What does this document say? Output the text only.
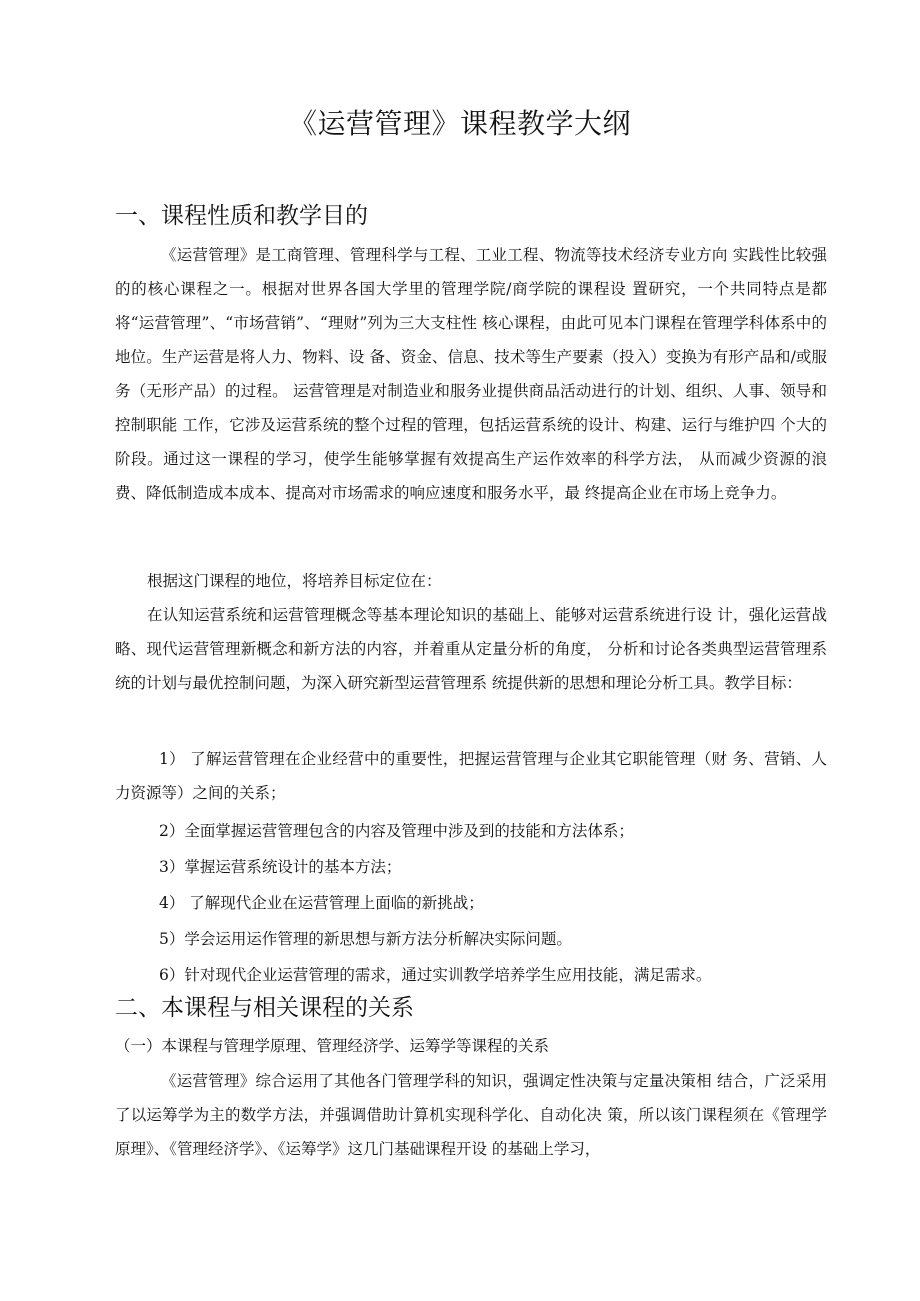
《运营管理》课程教学大纲
一、课程性质和教学目的
《运营管理》是工商管理、管理科学与工程、工业工程、物流等技术经济专业方向 实践性比较强的的核心课程之一。根据对世界各国大学里的管理学院/商学院的课程设 置研究，一个共同特点是都将“运营管理”、“市场营销”、“理财”列为三大支柱性 核心课程，由此可见本门课程在管理学科体系中的地位。生产运营是将人力、物料、设 备、资金、信息、技术等生产要素（投入）变换为有形产品和/或服务（无形产品）的过程。 运营管理是对制造业和服务业提供商品活动进行的计划、组织、人事、领导和控制职能 工作，它涉及运营系统的整个过程的管理，包括运营系统的设计、构建、运行与维护四 个大的阶段。通过这一课程的学习，使学生能够掌握有效提高生产运作效率的科学方法， 从而减少资源的浪费、降低制造成本成本、提高对市场需求的响应速度和服务水平，最 终提高企业在市场上竞争力。
根据这门课程的地位，将培养目标定位在：
在认知运营系统和运营管理概念等基本理论知识的基础上、能够对运营系统进行设 计，强化运营战略、现代运营管理新概念和新方法的内容，并着重从定量分析的角度， 分析和讨论各类典型运营管理系统的计划与最优控制问题，为深入研究新型运营管理系 统提供新的思想和理论分析工具。教学目标：
1） 了解运营管理在企业经营中的重要性，把握运营管理与企业其它职能管理（财 务、营销、人力资源等）之间的关系；
2）全面掌握运营管理包含的内容及管理中涉及到的技能和方法体系；
3）掌握运营系统设计的基本方法；
4） 了解现代企业在运营管理上面临的新挑战；
5）学会运用运作管理的新思想与新方法分析解决实际问题。
6）针对现代企业运营管理的需求，通过实训教学培养学生应用技能，满足需求。
二、本课程与相关课程的关系
（一）本课程与管理学原理、管理经济学、运筹学等课程的关系
《运营管理》综合运用了其他各门管理学科的知识，强调定性决策与定量决策相 结合，广泛采用了以运筹学为主的数学方法，并强调借助计算机实现科学化、自动化决 策，所以该门课程须在《管理学原理》、《管理经济学》、《运筹学》这几门基础课程开设 的基础上学习，
